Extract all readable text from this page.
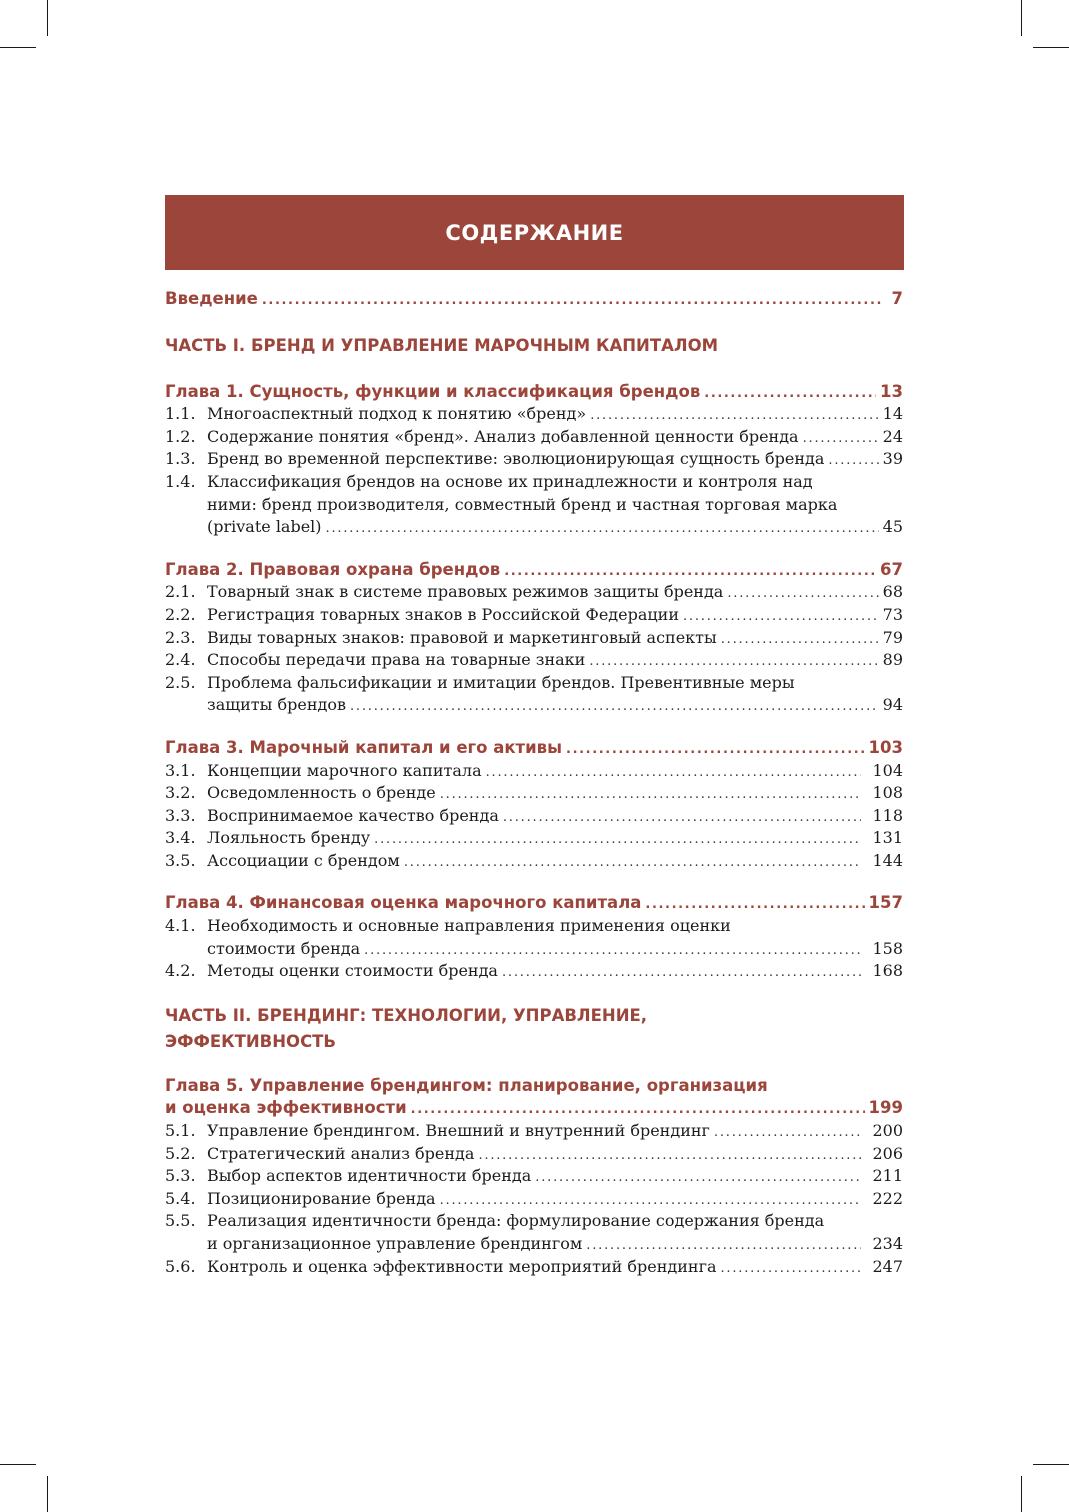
СОДЕРЖАНИЕ
Введение .....	7
ЧАСТЬ I. БРЕНД И УПРАВЛЕНИЕ МАРОЧНЫМ КАПИТАЛОМ
Глава 1. Сущность, функции и классификация брендов .....	13
1.1. Многоаспектный подход к понятию «бренд» .....	14
1.2. Содержание понятия «бренд». Анализ добавленной ценности бренда .....	24
1.3. Бренд во временной перспективе: эволюционирующая сущность бренда .....	39
1.4. Классификация брендов на основе их принадлежности и контроля над
ними: бренд производителя, совместный бренд и частная торговая марка
(private label) .....	45
Глава 2. Правовая охрана брендов .....	67
2.1. Товарный знак в системе правовых режимов защиты бренда .....	68
2.2. Регистрация товарных знаков в Российской Федерации .....	73
2.3. Виды товарных знаков: правовой и маркетинговый аспекты .....	79
2.4. Способы передачи права на товарные знаки .....	89
2.5. Проблема фальсификации и имитации брендов. Превентивные меры
защиты брендов .....	94
Глава 3. Марочный капитал и его активы .....	103
3.1. Концепции марочного капитала .....	104
3.2. Осведомленность о бренде .....	108
3.3. Воспринимаемое качество бренда .....	118
3.4. Лояльность бренду .....	131
3.5. Ассоциации с брендом .....	144
Глава 4. Финансовая оценка марочного капитала .....	157
4.1. Необходимость и основные направления применения оценки
стоимости бренда .....	158
4.2. Методы оценки стоимости бренда .....	168
ЧАСТЬ II. БРЕНДИНГ: ТЕХНОЛОГИИ, УПРАВЛЕНИЕ,
ЭФФЕКТИВНОСТЬ
Глава 5. Управление брендингом: планирование, организация
и оценка эффективности .....	199
5.1. Управление брендингом. Внешний и внутренний брендинг .....	200
5.2. Стратегический анализ бренда .....	206
5.3. Выбор аспектов идентичности бренда .....	211
5.4. Позиционирование бренда .....	222
5.5. Реализация идентичности бренда: формулирование содержания бренда
и организационное управление брендингом .....	234
5.6. Контроль и оценка эффективности мероприятий брендинга .....	247
